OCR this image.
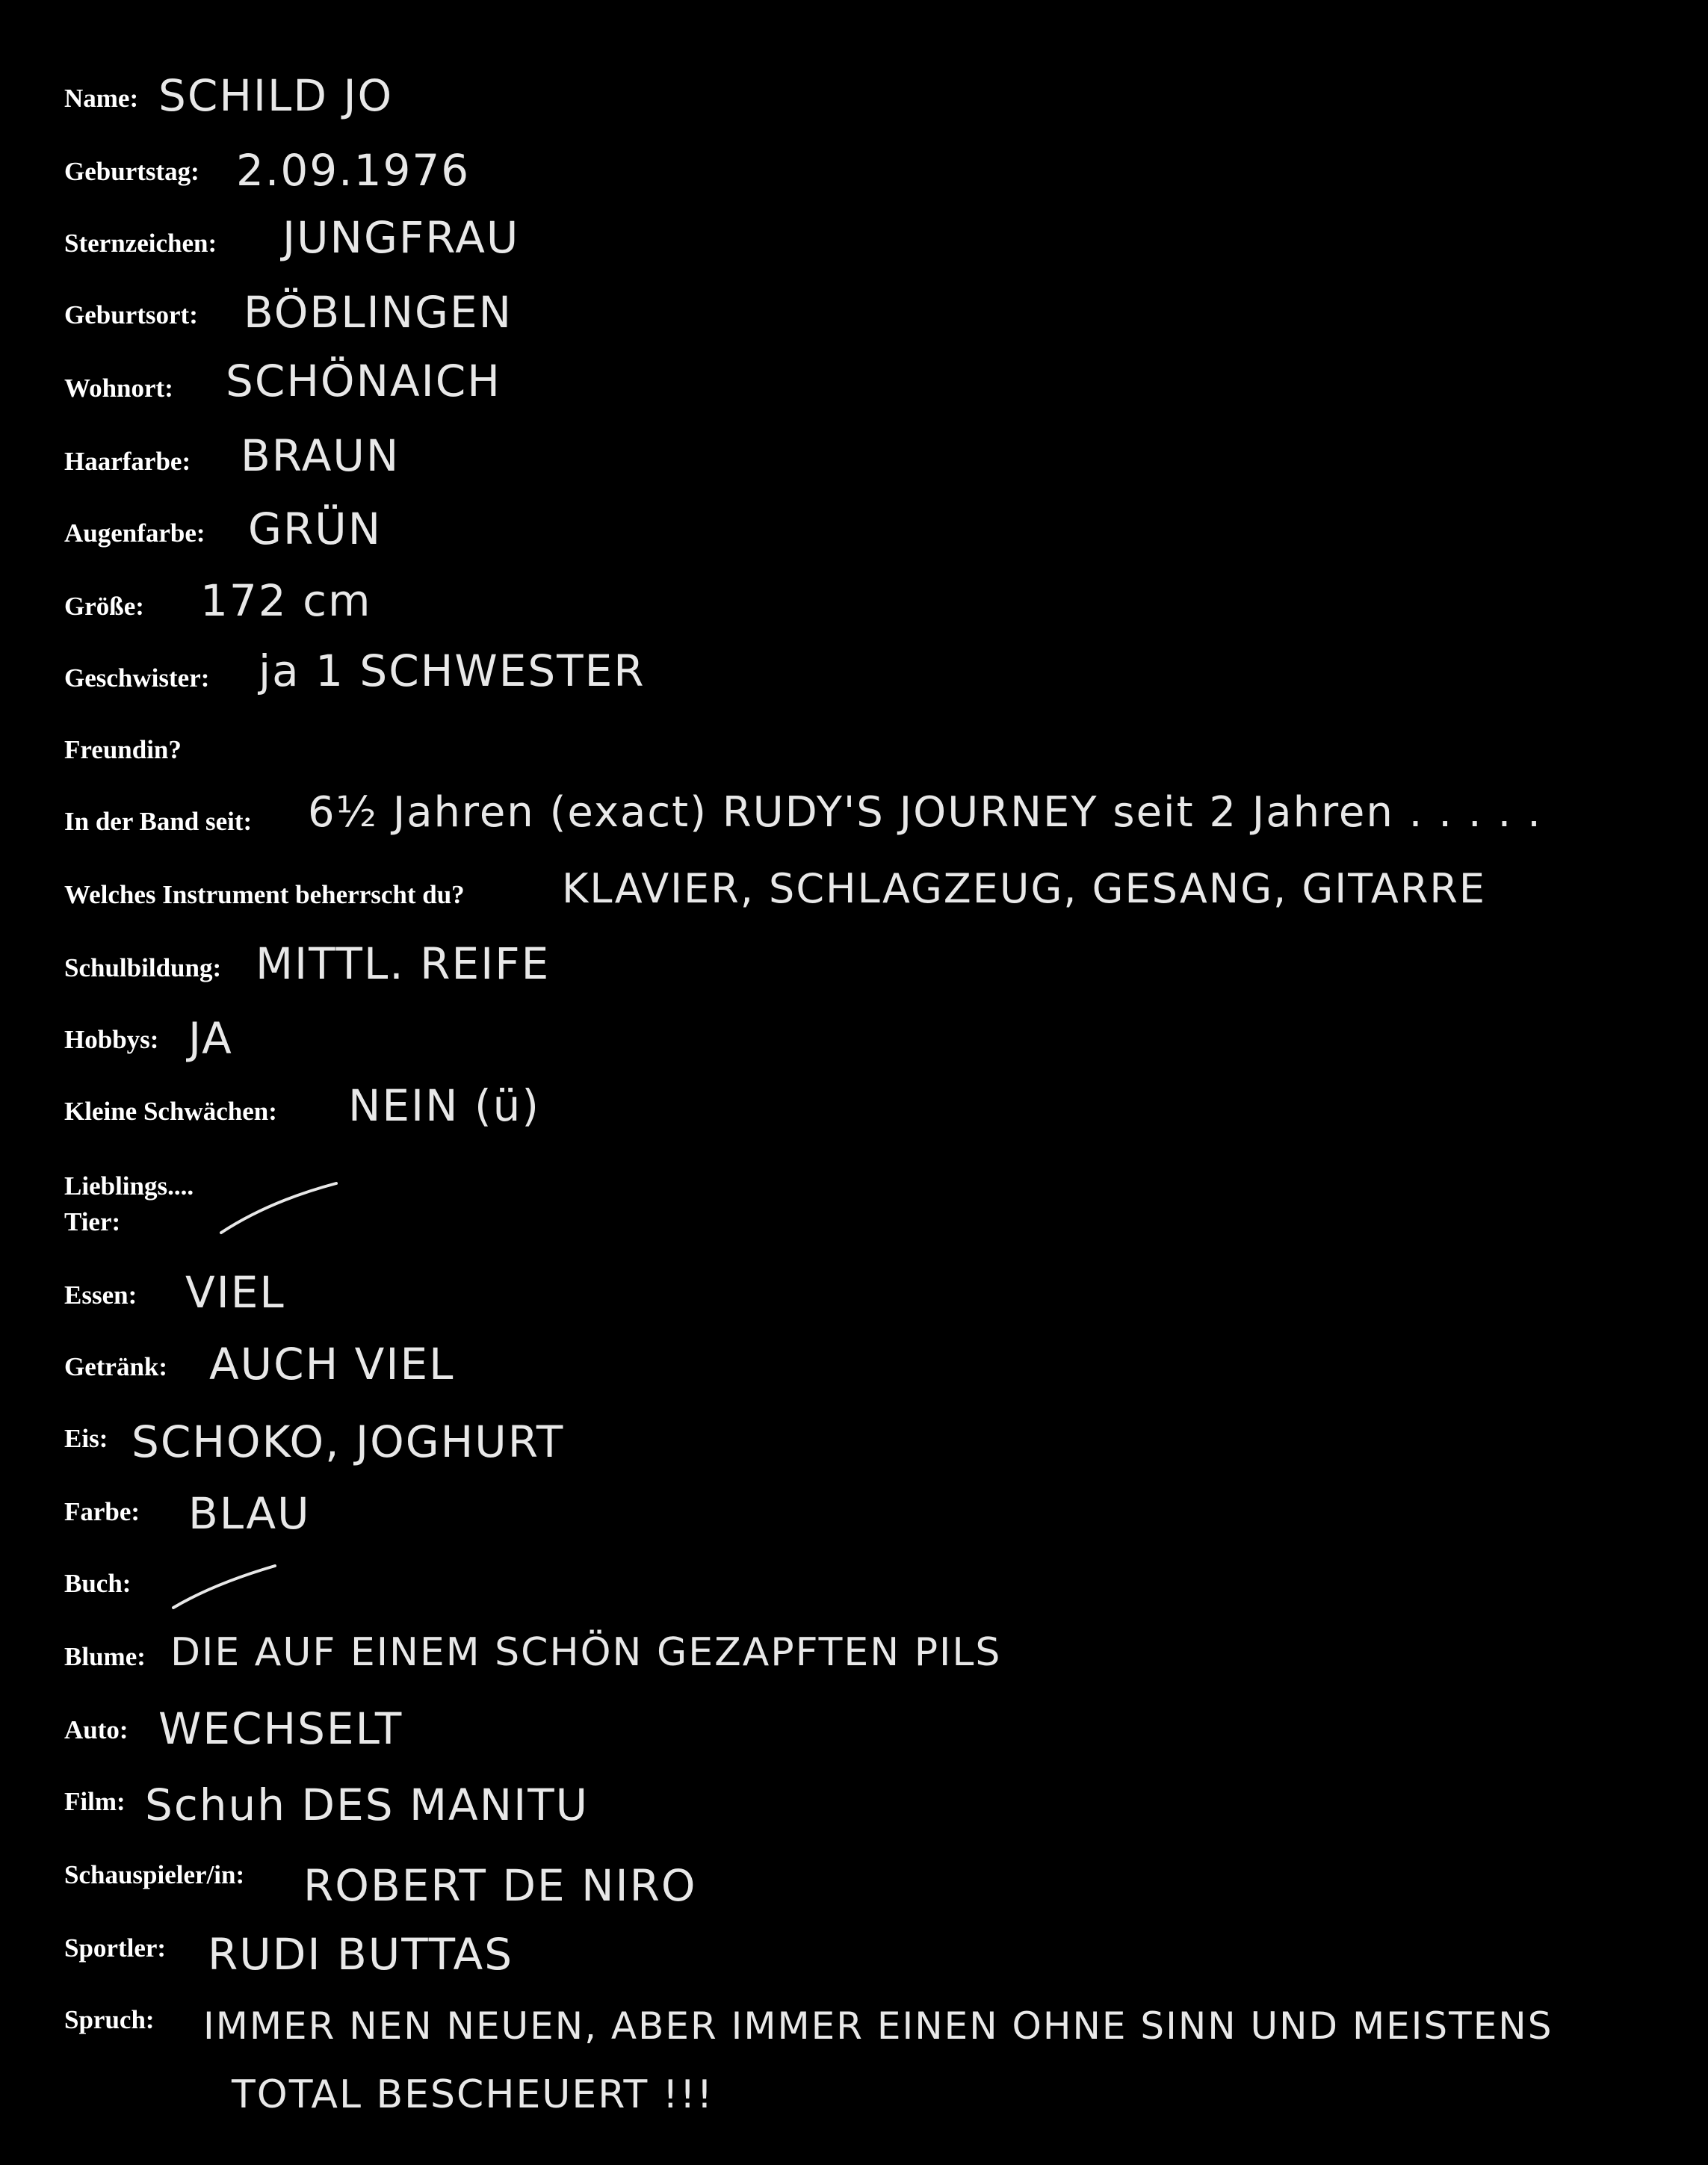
Name: SCHILD JO
Geburtstag: 2.09.1976
Sternzeichen: JUNGFRAU
Geburtsort: BÖBLINGEN
Wohnort: SCHÖNAICH
Haarfarbe: BRAUN
Augenfarbe: GRÜN
Größe: 172 cm
Geschwister: ja 1 SCHWESTER
Freundin?
In der Band seit: 6½ Jahren (exact) RUDY'S JOURNEY seit 2 Jahren . . . . .
Welches Instrument beherrscht du? KLAVIER, SCHLAGZEUG, GESANG, GITARRE
Schulbildung: MITTL. REIFE
Hobbys: JA
Kleine Schwächen: NEIN (ü)
Lieblings....
Tier:
Essen: VIEL
Getränk: AUCH VIEL
Eis: SCHOKO, JOGHURT
Farbe: BLAU
Buch:
Blume: DIE AUF EINEM SCHÖN GEZAPFTEN PILS
Auto: WECHSELT
Film: Schuh DES MANITU
Schauspieler/in: ROBERT DE NIRO
Sportler: RUDI BUTTAS
Spruch: IMMER NEN NEUEN, ABER IMMER EINEN OHNE SINN UND MEISTENS
TOTAL BESCHEUERT !!!
